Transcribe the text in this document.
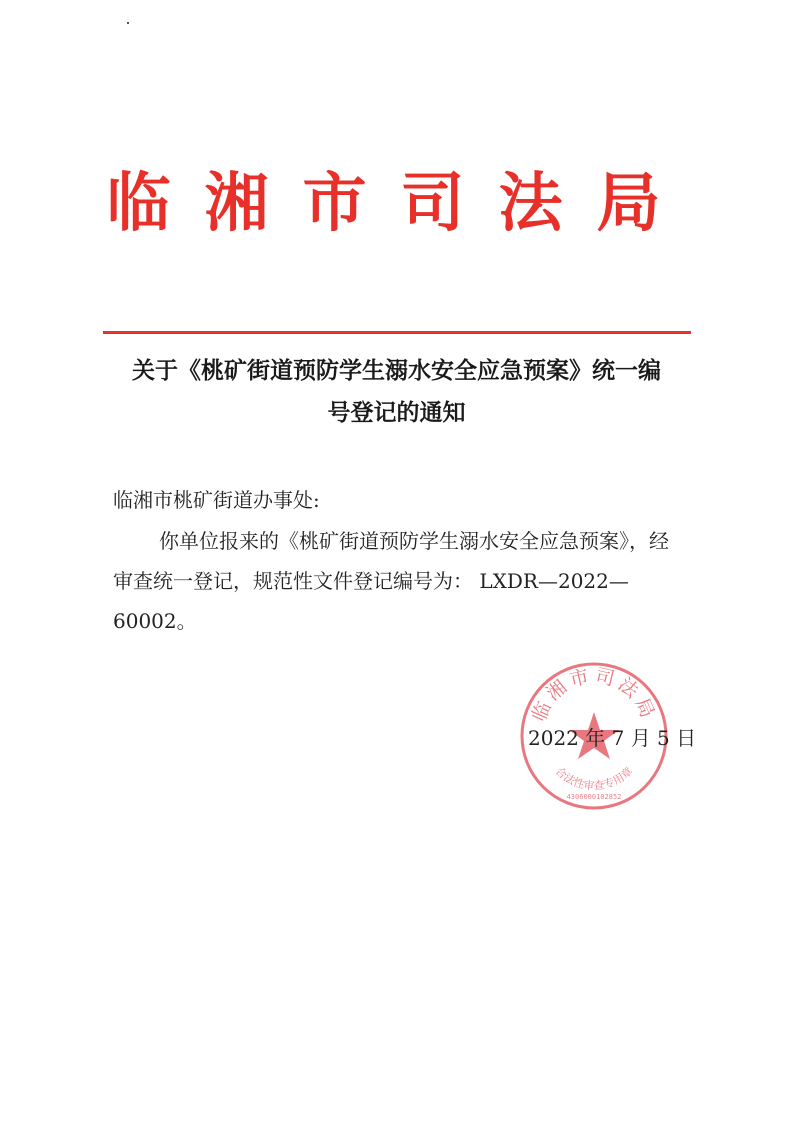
临湘市司法局
关于《桃矿街道预防学生溺水安全应急预案》统一编
号登记的通知
临湘市桃矿街道办事处:
你单位报来的《桃矿街道预防学生溺水安全应急预案》，经
审查统一登记，规范性文件登记编号为： LXDR—2022—
60002。
临湘市司法局
合法性审查专用章
4306000102852
2022 年 7 月 5 日
